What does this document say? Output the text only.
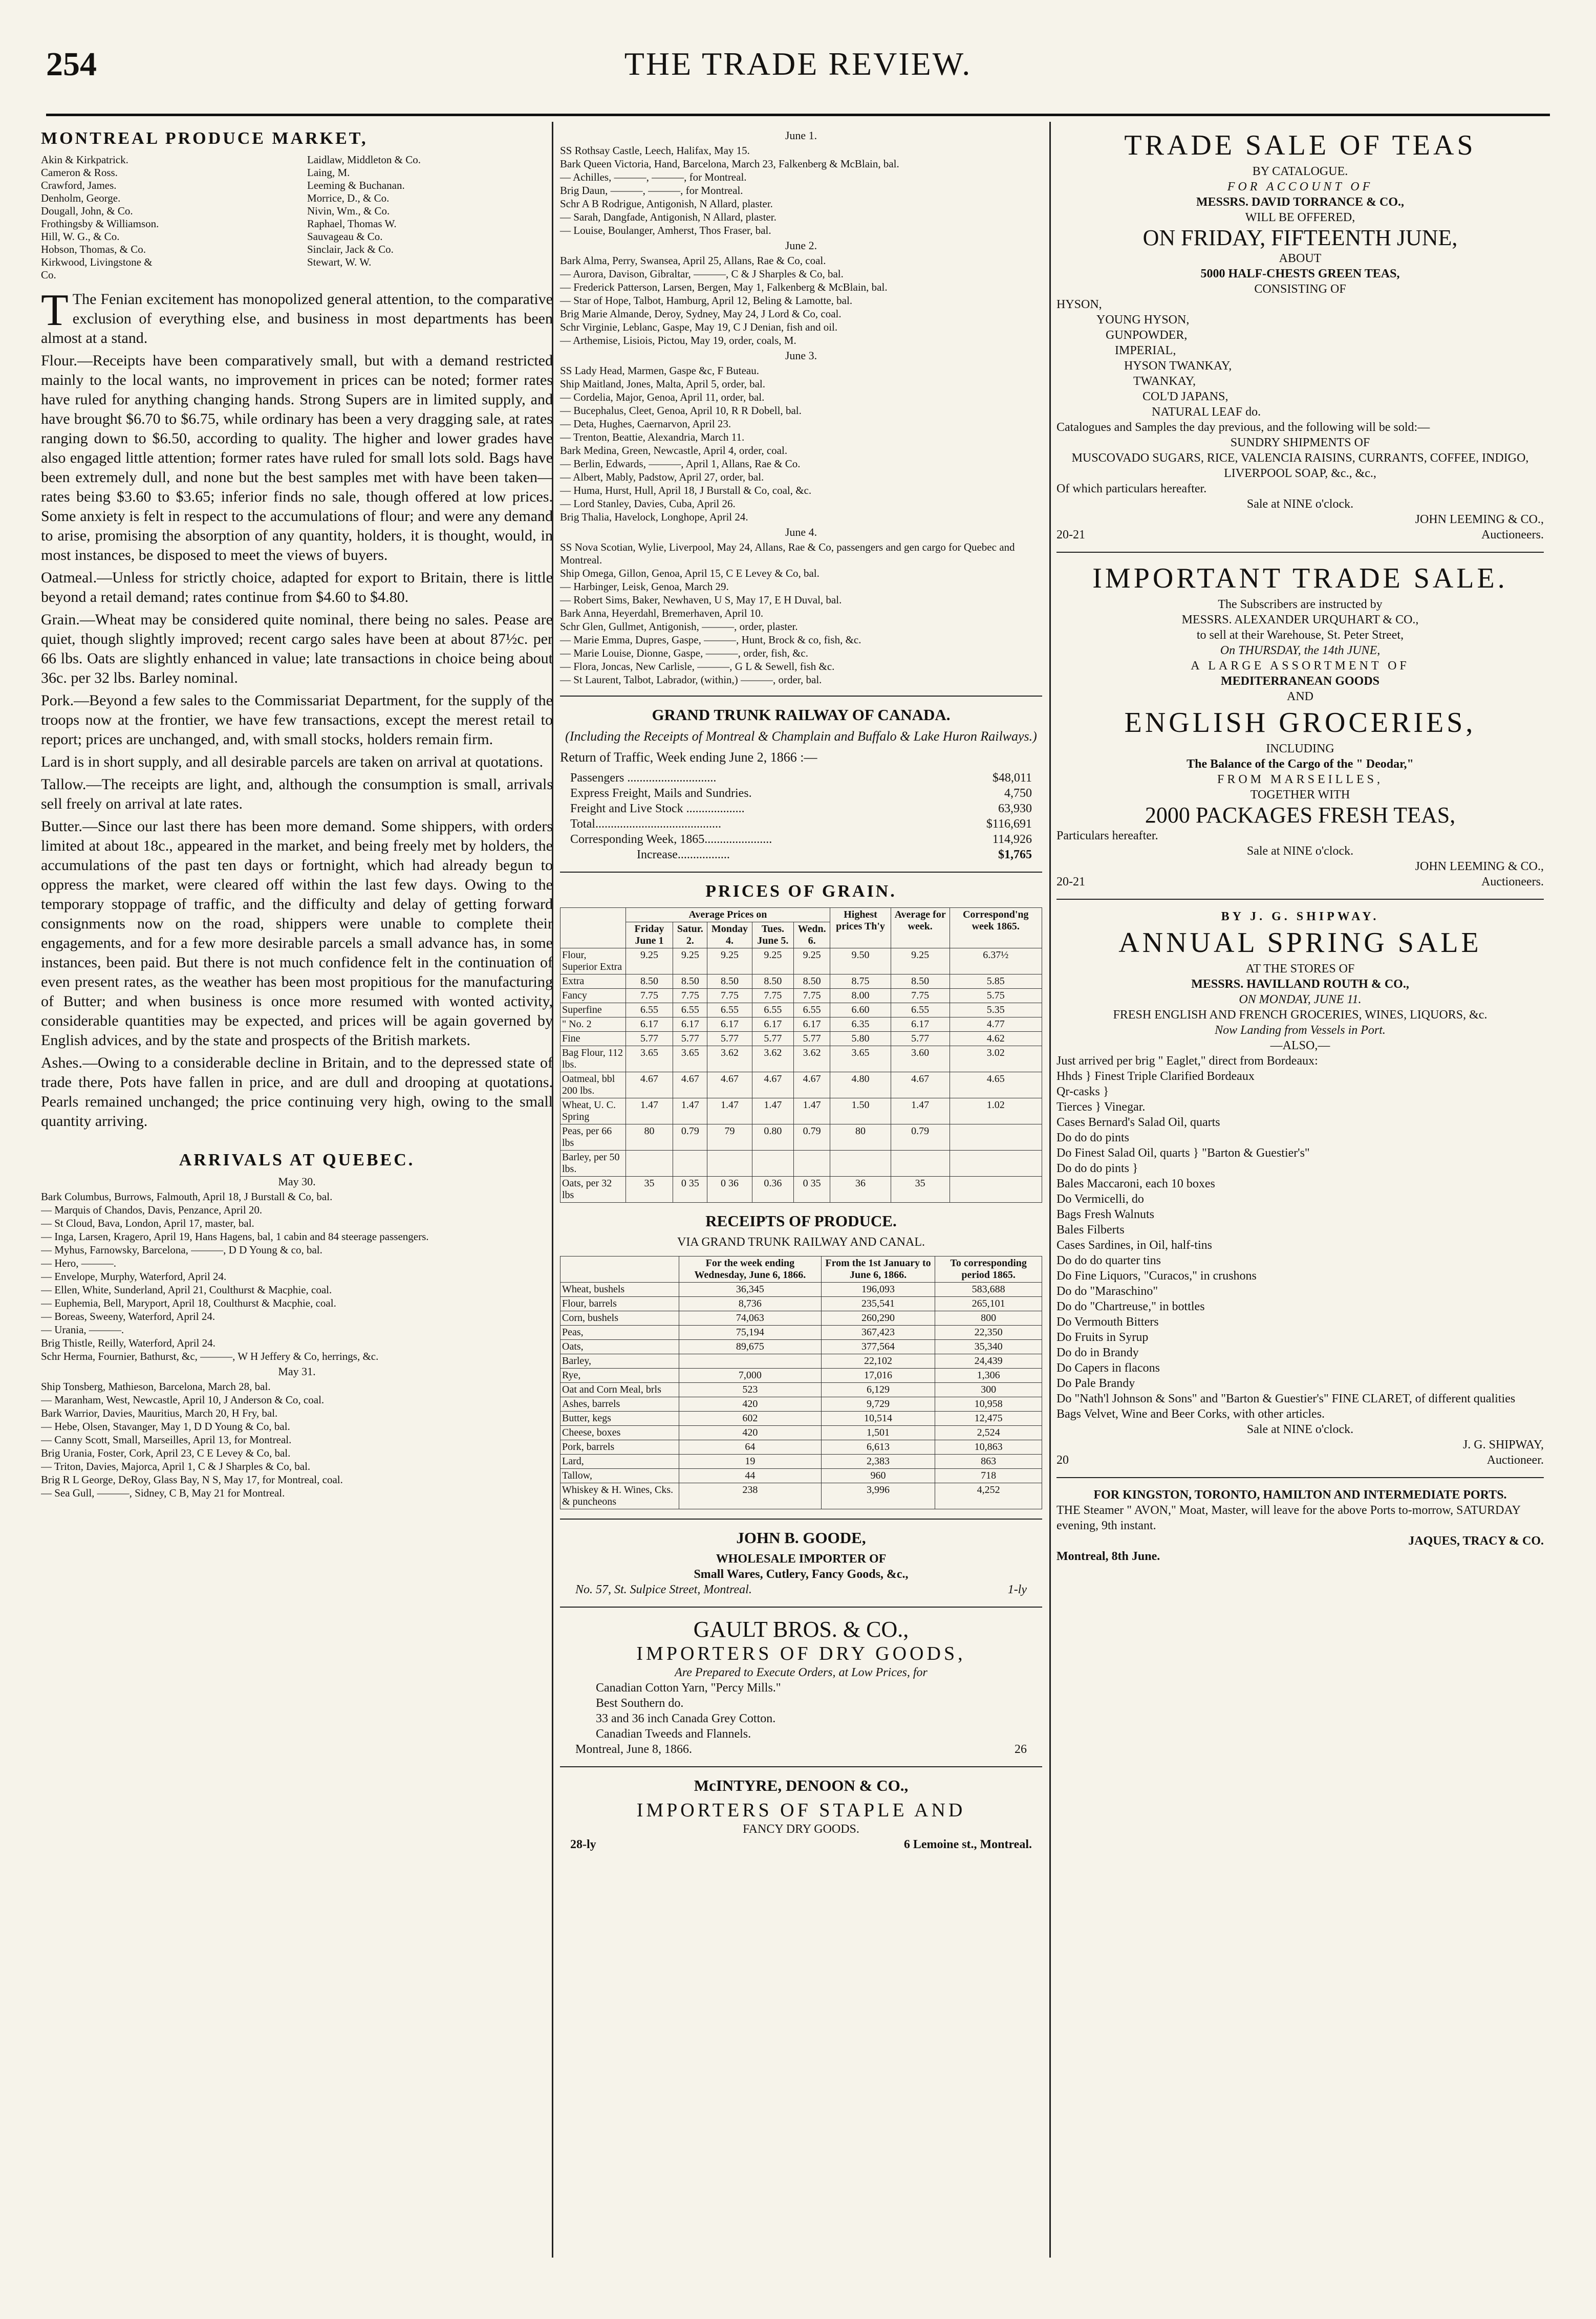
254	THE TRADE REVIEW.
MONTREAL PRODUCE MARKET,
Akin & Kirkpatrick.
Cameron & Ross.
Crawford, James.
Denholm, George.
Dougall, John, & Co.
Frothingsby & Williamson.
Hill, W. G., & Co.
Hobson, Thomas, & Co.
Kirkwood, Livingstone & Co.
Laidlaw, Middleton & Co.
Laing, M.
Leeming & Buchanan.
Morrice, D., & Co.
Nivin, Wm., & Co.
Raphael, Thomas W.
Sauvageau & Co.
Sinclair, Jack & Co.
Stewart, W. W.
T The Fenian excitement has monopolized general attention, to the comparative exclusion of everything else, and business in most departments has been almost at a stand.
Flour.—Receipts have been comparatively small, but with a demand restricted mainly to the local wants, no improvement in prices can be noted; former rates have ruled for anything changing hands. Strong Supers are in limited supply, and have brought $6.70 to $6.75, while ordinary has been a very dragging sale, at rates ranging down to $6.50, according to quality. The higher and lower grades have also engaged little attention; former rates have ruled for small lots sold. Bags have been extremely dull, and none but the best samples met with have been taken—rates being $3.60 to $3.65; inferior finds no sale, though offered at low prices. Some anxiety is felt in respect to the accumulations of flour; and were any demand to arise, promising the absorption of any quantity, holders, it is thought, would, in most instances, be disposed to meet the views of buyers.
Oatmeal.—Unless for strictly choice, adapted for export to Britain, there is little beyond a retail demand; rates continue from $4.60 to $4.80.
Grain.—Wheat may be considered quite nominal, there being no sales. Pease are quiet, though slightly improved; recent cargo sales have been at about 87½c. per 66 lbs. Oats are slightly enhanced in value; late transactions in choice being about 36c. per 32 lbs. Barley nominal.
Pork.—Beyond a few sales to the Commissariat Department, for the supply of the troops now at the frontier, we have few transactions, except the merest retail to report; prices are unchanged, and, with small stocks, holders remain firm.
Lard is in short supply, and all desirable parcels are taken on arrival at quotations.
Tallow.—The receipts are light, and, although the consumption is small, arrivals sell freely on arrival at late rates.
Butter.—Since our last there has been more demand. Some shippers, with orders limited at about 18c., appeared in the market, and being freely met by holders, the accumulations of the past ten days or fortnight, which had already begun to oppress the market, were cleared off within the last few days. Owing to the temporary stoppage of traffic, and the difficulty and delay of getting forward consignments now on the road, shippers were unable to complete their engagements, and for a few more desirable parcels a small advance has, in some instances, been paid. But there is not much confidence felt in the continuation of even present rates, as the weather has been most propitious for the manufacturing of Butter; and when business is once more resumed with wonted activity, considerable quantities may be expected, and prices will be again governed by English advices, and by the state and prospects of the British markets.
Ashes.—Owing to a considerable decline in Britain, and to the depressed state of trade there, Pots have fallen in price, and are dull and drooping at quotations. Pearls remained unchanged; the price continuing very high, owing to the small quantity arriving.
ARRIVALS AT QUEBEC.
May 30.
Bark Columbus, Burrows, Falmouth, April 18, J Burstall & Co, bal.
— Marquis of Chandos, Davis, Penzance, April 20.
— St Cloud, Bava, London, April 17, master, bal.
— Inga, Larsen, Kragero, April 19, Hans Hagens, bal, 1 cabin and 84 steerage passengers.
— Myhus, Farnowsky, Barcelona, ———, D D Young & co, bal.
— Hero, ———.
— Envelope, Murphy, Waterford, April 24.
— Ellen, White, Sunderland, April 21, Coulthurst & Macphie, coal.
— Euphemia, Bell, Maryport, April 18, Coulthurst & Macphie, coal.
— Boreas, Sweeny, Waterford, April 24.
— Urania, ———.
Brig Thistle, Reilly, Waterford, April 24.
Schr Herma, Fournier, Bathurst, &c, ———, W H Jeffery & Co, herrings, &c.
May 31.
Ship Tonsberg, Mathieson, Barcelona, March 28, bal.
— Maranham, West, Newcastle, April 10, J Anderson & Co, coal.
Bark Warrior, Davies, Mauritius, March 20, H Fry, bal.
— Hebe, Olsen, Stavanger, May 1, D D Young & Co, bal.
— Canny Scott, Small, Marseilles, April 13, for Montreal.
Brig Urania, Foster, Cork, April 23, C E Levey & Co, bal.
— Triton, Davies, Majorca, April 1, C & J Sharples & Co, bal.
Brig R L George, DeRoy, Glass Bay, N S, May 17, for Montreal, coal.
— Sea Gull, ———, Sidney, C B, May 21 for Montreal.
June 1.
SS Rothsay Castle, Leech, Halifax, May 15.
Bark Queen Victoria, Hand, Barcelona, March 23, Falkenberg & McBlain, bal.
— Achilles, ———, ———, for Montreal.
Brig Daun, ———, ———, for Montreal.
Schr A B Rodrigue, Antigonish, N Allard, plaster.
— Sarah, Dangfade, Antigonish, N Allard, plaster.
— Louise, Boulanger, Amherst, Thos Fraser, bal.
June 2.
Bark Alma, Perry, Swansea, April 25, Allans, Rae & Co, coal.
— Aurora, Davison, Gibraltar, ———, C & J Sharples & Co, bal.
— Frederick Patterson, Larsen, Bergen, May 1, Falkenberg & McBlain, bal.
— Star of Hope, Talbot, Hamburg, April 12, Beling & Lamotte, bal.
Brig Marie Almande, Deroy, Sydney, May 24, J Lord & Co, coal.
Schr Virginie, Leblanc, Gaspe, May 19, C J Denian, fish and oil.
— Arthemise, Lisiois, Pictou, May 19, order, coals, M.
June 3.
SS Lady Head, Marmen, Gaspe &c, F Buteau.
Ship Maitland, Jones, Malta, April 5, order, bal.
— Cordelia, Major, Genoa, April 11, order, bal.
— Bucephalus, Cleet, Genoa, April 10, R R Dobell, bal.
— Deta, Hughes, Caernarvon, April 23.
— Trenton, Beattie, Alexandria, March 11.
Bark Medina, Green, Newcastle, April 4, order, coal.
— Berlin, Edwards, ———, April 1, Allans, Rae & Co.
— Albert, Mably, Padstow, April 27, order, bal.
— Huma, Hurst, Hull, April 18, J Burstall & Co, coal, &c.
— Lord Stanley, Davies, Cuba, April 26.
Brig Thalia, Havelock, Longhope, April 24.
June 4.
SS Nova Scotian, Wylie, Liverpool, May 24, Allans, Rae & Co, passengers and gen cargo for Quebec and Montreal.
Ship Omega, Gillon, Genoa, April 15, C E Levey & Co, bal.
— Harbinger, Leisk, Genoa, March 29.
— Robert Sims, Baker, Newhaven, U S, May 17, E H Duval, bal.
Bark Anna, Heyerdahl, Bremerhaven, April 10.
Schr Glen, Gullmet, Antigonish, ———, order, plaster.
— Marie Emma, Dupres, Gaspe, ———, Hunt, Brock & co, fish, &c.
— Marie Louise, Dionne, Gaspe, ———, order, fish, &c.
— Flora, Joncas, New Carlisle, ———, G L & Sewell, fish &c.
— St Laurent, Talbot, Labrador, (within,) ———, order, bal.
GRAND TRUNK RAILWAY OF CANADA.
(Including the Receipts of Montreal & Champlain and Buffalo & Lake Huron Railways.)
Return of Traffic, Week ending June 2, 1866 :—
Passengers .............................	$48,011
Express Freight, Mails and Sundries.	4,750
Freight and Live Stock ...................	63,930
Total.........................................	$116,691
Corresponding Week, 1865......................	114,926
Increase.................	$1,765
PRICES OF GRAIN.
	Average Prices on					Highest prices Th'y	Average for week.	Correspond'ng week 1865.
	Friday June 1	Satur. 2.	Monday 4.	Tues. June 5.	Wedn. 6.			
Flour, Superior Extra	9.25	9.25	9.25	9.25	9.25	9.50	9.25	6.37½
Extra	8.50	8.50	8.50	8.50	8.50	8.75	8.50	5.85
Fancy	7.75	7.75	7.75	7.75	7.75	8.00	7.75	5.75
Superfine	6.55	6.55	6.55	6.55	6.55	6.60	6.55	5.35
" No. 2	6.17	6.17	6.17	6.17	6.17	6.35	6.17	4.77
Fine	5.77	5.77	5.77	5.77	5.77	5.80	5.77	4.62
Bag Flour, 112 lbs.	3.65	3.65	3.62	3.62	3.62	3.65	3.60	3.02
Oatmeal, bbl 200 lbs.	4.67	4.67	4.67	4.67	4.67	4.80	4.67	4.65
Wheat, U. C. Spring	1.47	1.47	1.47	1.47	1.47	1.50	1.47	1.02
Peas, per 66 lbs	80	0.79	79	0.80	0.79	80	0.79	
Barley, per 50 lbs.								
Oats, per 32 lbs	35	0 35	0 36	0.36	0 35	36	35	
RECEIPTS OF PRODUCE.
VIA GRAND TRUNK RAILWAY AND CANAL.
	For the week ending Wednesday, June 6, 1866.	From the 1st January to June 6, 1866.	To corresponding period 1865.
Wheat, bushels	36,345	196,093	583,688
Flour, barrels	8,736	235,541	265,101
Corn, bushels	74,063	260,290	800
Peas,	75,194	367,423	22,350
Oats,	89,675	377,564	35,340
Barley,		22,102	24,439
Rye,	7,000	17,016	1,306
Oat and Corn Meal, brls	523	6,129	300
Ashes, barrels	420	9,729	10,958
Butter, kegs	602	10,514	12,475
Cheese, boxes	420	1,501	2,524
Pork, barrels	64	6,613	10,863
Lard,	19	2,383	863
Tallow,	44	960	718
Whiskey & H. Wines, Cks. & puncheons	238	3,996	4,252
JOHN B. GOODE,
WHOLESALE IMPORTER OF
Small Wares, Cutlery, Fancy Goods, &c.,
No. 57, St. Sulpice Street, Montreal.	1-ly
GAULT BROS. & CO.,
IMPORTERS OF DRY GOODS,
Are Prepared to Execute Orders, at Low Prices, for
Canadian Cotton Yarn, "Percy Mills."
Best Southern do.
33 and 36 inch Canada Grey Cotton.
Canadian Tweeds and Flannels.
Montreal, June 8, 1866.	26
McINTYRE, DENOON & CO.,
IMPORTERS OF STAPLE AND
FANCY DRY GOODS.
28-ly	6 Lemoine st., Montreal.
TRADE SALE OF TEAS
BY CATALOGUE.
FOR ACCOUNT OF
MESSRS. DAVID TORRANCE & CO.,
WILL BE OFFERED,
ON FRIDAY, FIFTEENTH JUNE,
ABOUT
5000 HALF-CHESTS GREEN TEAS,
CONSISTING OF
HYSON,
YOUNG HYSON,
GUNPOWDER,
IMPERIAL,
HYSON TWANKAY,
TWANKAY,
COL'D JAPANS,
NATURAL LEAF do.
Catalogues and Samples the day previous, and the following will be sold:—
SUNDRY SHIPMENTS OF
MUSCOVADO SUGARS, RICE, VALENCIA RAISINS, CURRANTS, COFFEE, INDIGO, LIVERPOOL SOAP, &c., &c.,
Of which particulars hereafter.
Sale at NINE o'clock.
JOHN LEEMING & CO.,
20-21	Auctioneers.
IMPORTANT TRADE SALE.
The Subscribers are instructed by
MESSRS. ALEXANDER URQUHART & CO.,
to sell at their Warehouse, St. Peter Street,
On THURSDAY, the 14th JUNE,
A LARGE ASSORTMENT OF
MEDITERRANEAN GOODS
AND
ENGLISH GROCERIES,
INCLUDING
The Balance of the Cargo of the " Deodar,"
FROM MARSEILLES,
TOGETHER WITH
2000 PACKAGES FRESH TEAS,
Particulars hereafter.
Sale at NINE o'clock.
JOHN LEEMING & CO.,
20-21	Auctioneers.
BY J. G. SHIPWAY.
ANNUAL SPRING SALE
AT THE STORES OF
MESSRS. HAVILLAND ROUTH & CO.,
ON MONDAY, JUNE 11.
FRESH ENGLISH AND FRENCH GROCERIES, WINES, LIQUORS, &c.
Now Landing from Vessels in Port.
—ALSO,—
Just arrived per brig " Eaglet," direct from Bordeaux:
Hhds } Finest Triple Clarified Bordeaux
Qr-casks }
Tierces } Vinegar.
Cases Bernard's Salad Oil, quarts
Do do do pints
Do Finest Salad Oil, quarts } "Barton & Guestier's"
Do do do pints }
Bales Maccaroni, each 10 boxes
Do Vermicelli, do
Bags Fresh Walnuts
Bales Filberts
Cases Sardines, in Oil, half-tins
Do do do quarter tins
Do Fine Liquors, "Curacos," in crushons
Do do "Maraschino"
Do do "Chartreuse," in bottles
Do Vermouth Bitters
Do Fruits in Syrup
Do do in Brandy
Do Capers in flacons
Do Pale Brandy
Do "Nath'l Johnson & Sons" and "Barton & Guestier's" FINE CLARET, of different qualities
Bags Velvet, Wine and Beer Corks, with other articles.
Sale at NINE o'clock.
J. G. SHIPWAY,
20	Auctioneer.
FOR KINGSTON, TORONTO, HAMILTON AND INTERMEDIATE PORTS.
THE Steamer " AVON," Moat, Master, will leave for the above Ports to-morrow, SATURDAY evening, 9th instant.
JAQUES, TRACY & CO.
Montreal, 8th June.
